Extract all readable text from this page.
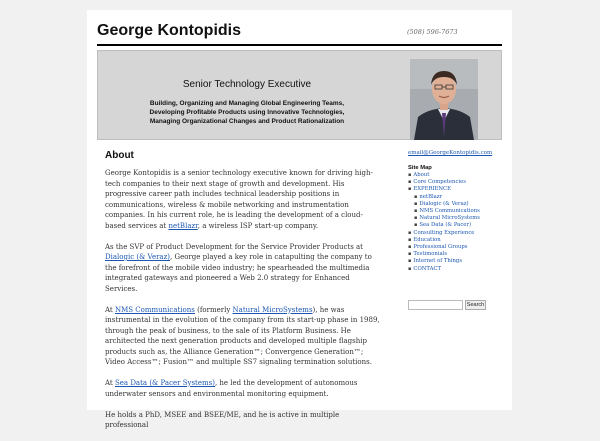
George Kontopidis	(508) 596-7673
Senior Technology Executive
Building, Organizing and Managing Global Engineering Teams,
Developing Profitable Products using Innovative Technologies,
Managing Organizational Changes and Product Rationalization
About

George Kontopidis is a senior technology executive known for driving high-tech companies to their next stage of growth and development. His progressive career path includes technical leadership positions in communications, wireless & mobile networking and instrumentation companies. In his current role, he is leading the development of a cloud-based services at netBlazr, a wireless ISP start-up company.

As the SVP of Product Development for the Service Provider Products at Dialogic (& Veraz), George played a key role in catapulting the company to the forefront of the mobile video industry; he spearheaded the multimedia integrated gateways and pioneered a Web 2.0 strategy for Enhanced Services.

At NMS Communications (formerly Natural MicroSystems), he was instrumental in the evolution of the company from its start-up phase in 1989, through the peak of business, to the sale of its Platform Business. He architected the next generation products and developed multiple flagship products such as, the Alliance Generation™; Convergence Generation™; Video Access™; Fusion™ and multiple SS7 signaling termination solutions.

At Sea Data (& Pacer Systems), he led the development of autonomous underwater sensors and environmental monitoring equipment.

He holds a PhD, MSEE and BSEE/ME, and he is active in multiple professional

email@GeorgeKontopidis.com
Site Map
▪ About
▪ Core Competencies
▪ EXPERIENCE
▪ netBlazr
▪ Dialogic (& Veraz)
▪ NMS Communications
▪ Natural MicroSystems
▪ Sea Data (& Pacer)
▪ Consulting Experience
▪ Education
▪ Professional Groups
▪ Testimonials
▪ Internet of Things
▪ CONTACT
Search
